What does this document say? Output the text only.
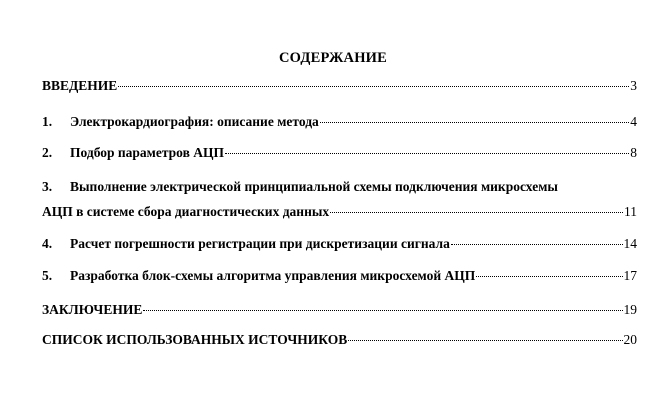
СОДЕРЖАНИЕ
ВВЕДЕНИЕ	3
1. Электрокардиография: описание метода	4
2. Подбор параметров АЦП	8
3. Выполнение электрической принципиальной схемы подключения микросхемы
АЦП в системе сбора диагностических данных	11
4. Расчет погрешности регистрации при дискретизации сигнала	14
5. Разработка блок-схемы алгоритма управления микросхемой АЦП	17
ЗАКЛЮЧЕНИЕ	19
СПИСОК ИСПОЛЬЗОВАННЫХ ИСТОЧНИКОВ	20
